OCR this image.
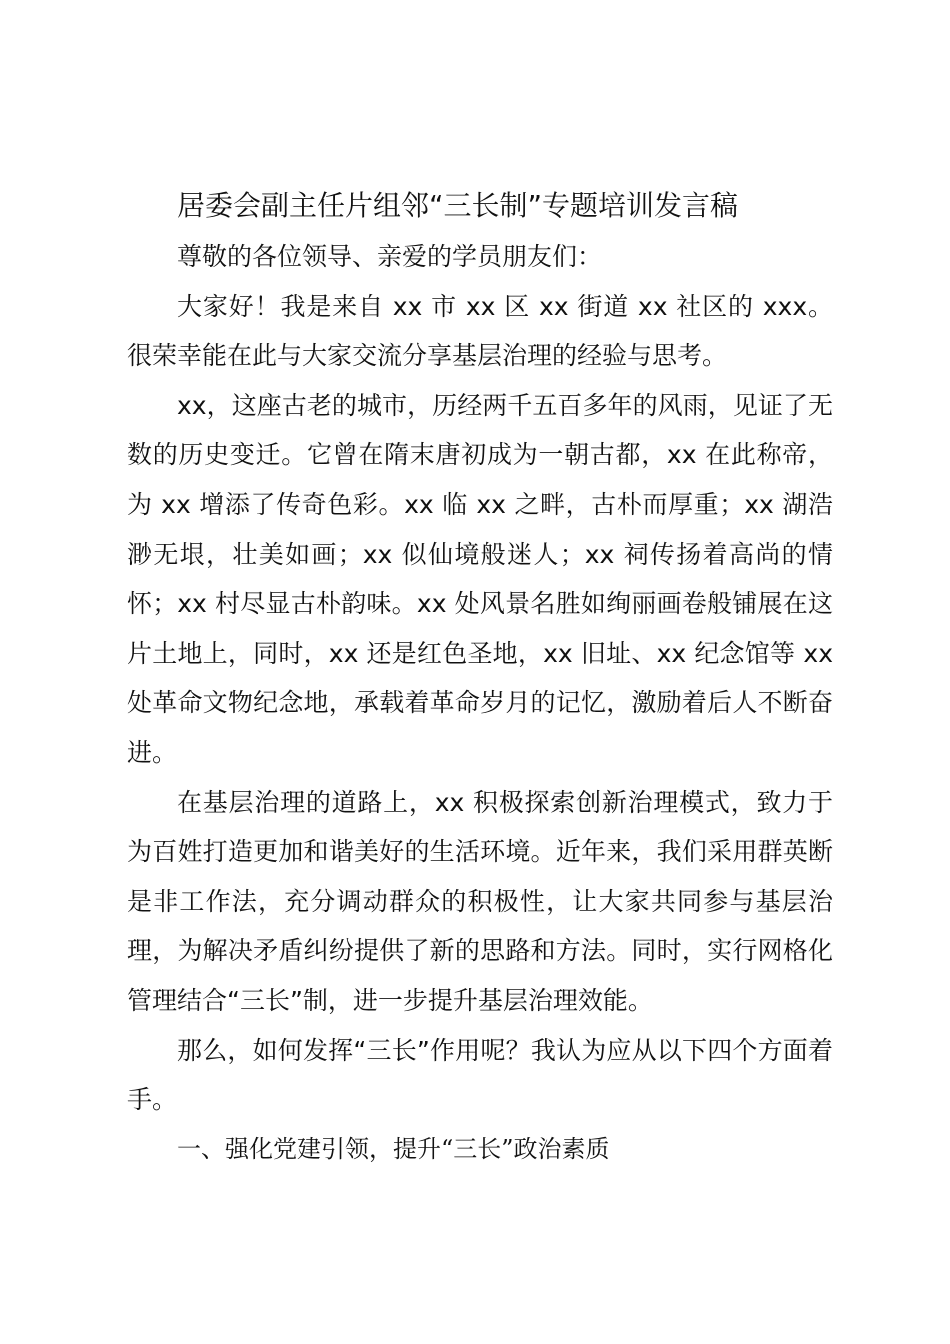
居委会副主任片组邻“三长制”专题培训发言稿

尊敬的各位领导、亲爱的学员朋友们：

大家好！我是来自 xx 市 xx 区 xx 街道 xx 社区的 xxx。很荣幸能在此与大家交流分享基层治理的经验与思考。

xx，这座古老的城市，历经两千五百多年的风雨，见证了无数的历史变迁。它曾在隋末唐初成为一朝古都，xx 在此称帝，为 xx 增添了传奇色彩。xx 临 xx 之畔，古朴而厚重；xx 湖浩渺无垠，壮美如画；xx 似仙境般迷人；xx 祠传扬着高尚的情怀；xx 村尽显古朴韵味。xx 处风景名胜如绚丽画卷般铺展在这片土地上，同时，xx 还是红色圣地，xx 旧址、xx 纪念馆等 xx 处革命文物纪念地，承载着革命岁月的记忆，激励着后人不断奋进。

在基层治理的道路上，xx 积极探索创新治理模式，致力于为百姓打造更加和谐美好的生活环境。近年来，我们采用群英断是非工作法，充分调动群众的积极性，让大家共同参与基层治理，为解决矛盾纠纷提供了新的思路和方法。同时，实行网格化管理结合“三长”制，进一步提升基层治理效能。

那么，如何发挥“三长”作用呢？我认为应从以下四个方面着手。

一、强化党建引领，提升“三长”政治素质
